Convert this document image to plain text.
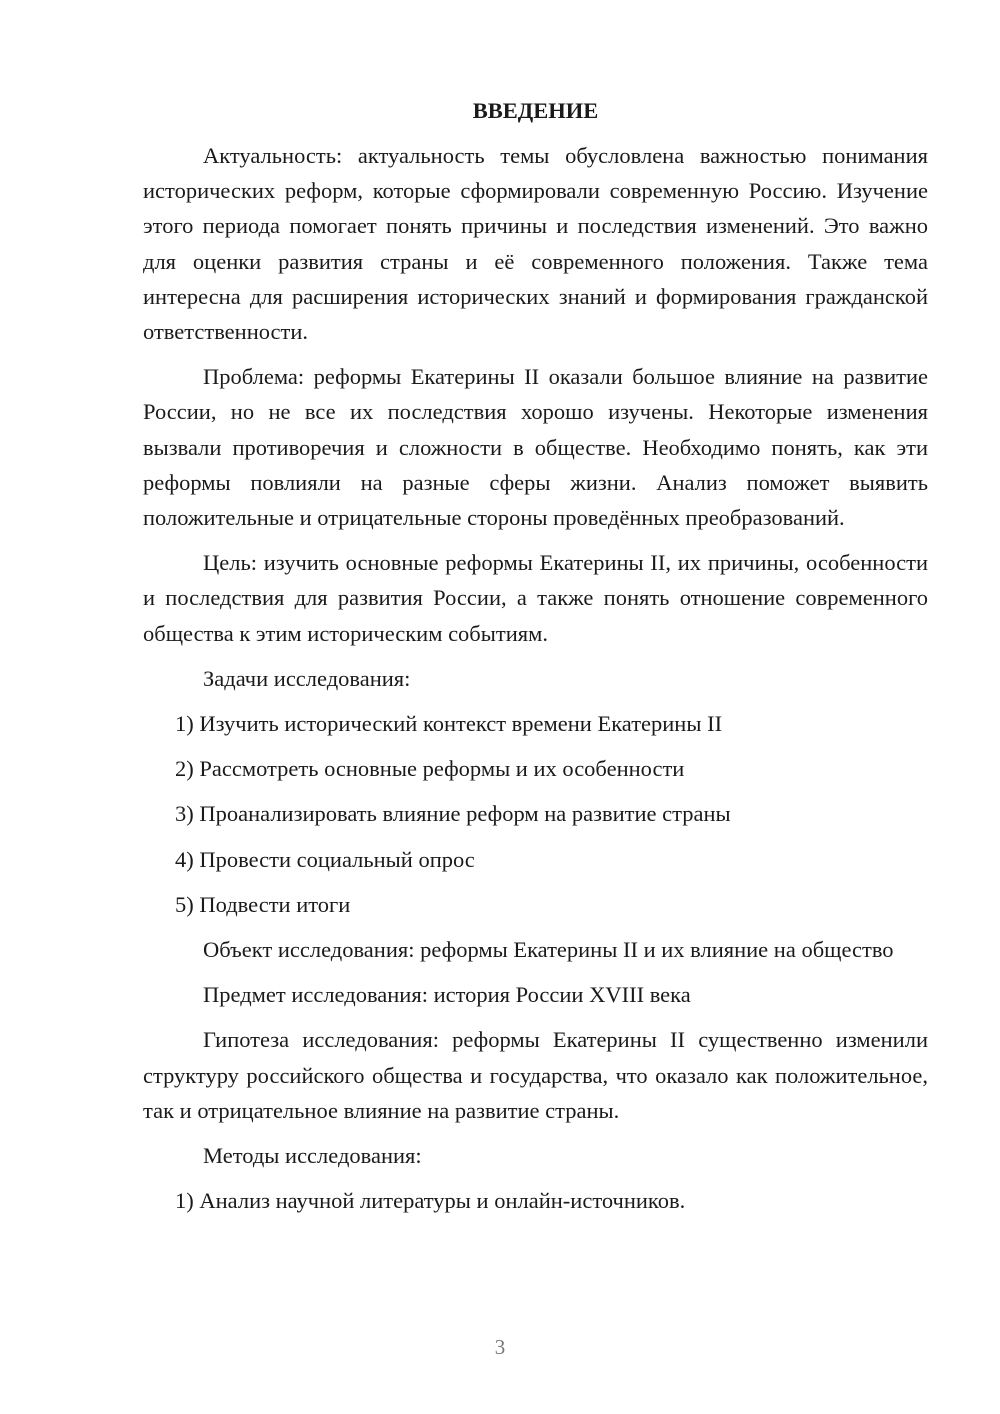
ВВЕДЕНИЕ

Актуальность: актуальность темы обусловлена важностью понимания исторических реформ, которые сформировали современную Россию. Изучение этого периода помогает понять причины и последствия изменений. Это важно для оценки развития страны и её современного положения. Также тема интересна для расширения исторических знаний и формирования гражданской ответственности.

Проблема: реформы Екатерины II оказали большое влияние на развитие России, но не все их последствия хорошо изучены. Некоторые изменения вызвали противоречия и сложности в обществе. Необходимо понять, как эти реформы повлияли на разные сферы жизни. Анализ поможет выявить положительные и отрицательные стороны проведённых преобразований.

Цель: изучить основные реформы Екатерины II, их причины, особенности и последствия для развития России, а также понять отношение современного общества к этим историческим событиям.

Задачи исследования:

1) Изучить исторический контекст времени Екатерины II
2) Рассмотреть основные реформы и их особенности
3) Проанализировать влияние реформ на развитие страны
4) Провести социальный опрос
5) Подвести итоги

Объект исследования: реформы Екатерины II и их влияние на общество

Предмет исследования: история России XVIII века

Гипотеза исследования: реформы Екатерины II существенно изменили структуру российского общества и государства, что оказало как положительное, так и отрицательное влияние на развитие страны.

Методы исследования:

1) Анализ научной литературы и онлайн-источников.
3
